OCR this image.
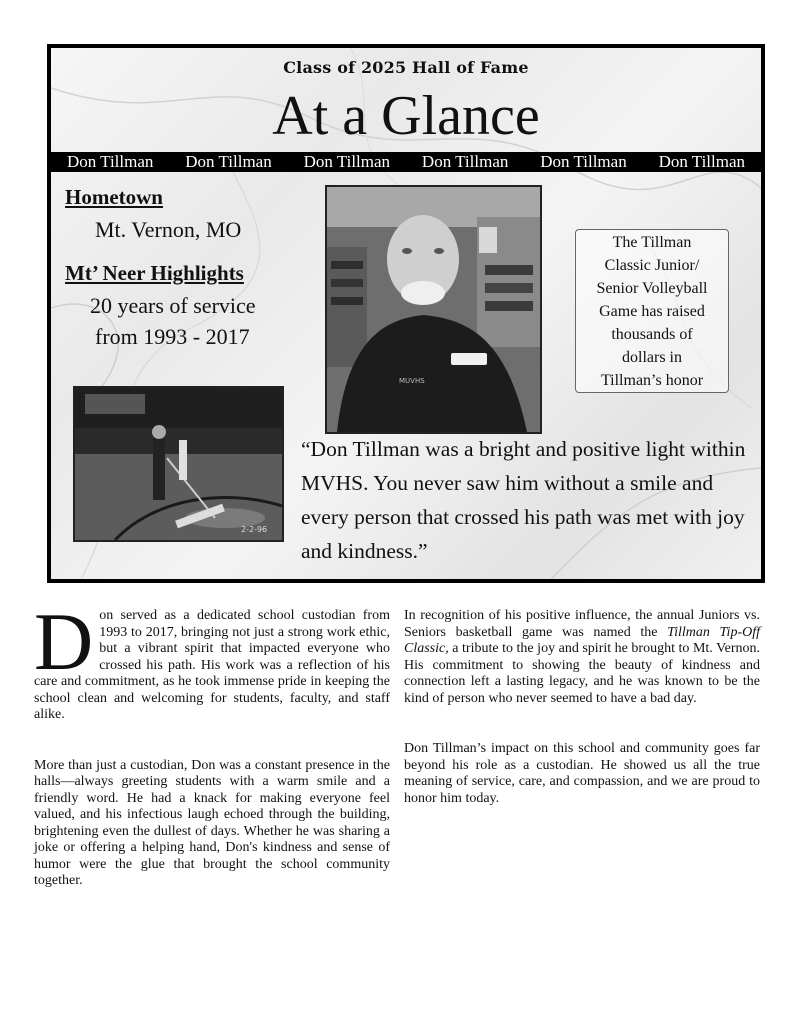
Class of 2025 Hall of Fame
At a Glance
Don Tillman Don Tillman Don Tillman Don Tillman Don Tillman Don Tillman
Hometown
Mt. Vernon, MO
Mt’ Neer Highlights
20 years of service
from 1993 - 2017
MUVHS
2-2-96
The Tillman Classic Junior/ Senior Volleyball Game has raised thousands of dollars in Tillman’s honor
“Don Tillman was a bright and positive light within MVHS. You never saw him without a smile and every person that crossed his path was met with joy and kindness.”

Don served as a dedicated school custodian from 1993 to 2017, bringing not just a strong work ethic, but a vibrant spirit that impacted everyone who crossed his path. His work was a reflection of his care and commitment, as he took immense pride in keeping the school clean and welcoming for students, faculty, and staff alike.

More than just a custodian, Don was a constant presence in the halls—always greeting students with a warm smile and a friendly word. He had a knack for making everyone feel valued, and his infectious laugh echoed through the building, brightening even the dullest of days. Whether he was sharing a joke or offering a helping hand, Don's kindness and sense of humor were the glue that brought the school community together.

In recognition of his positive influence, the annual Juniors vs. Seniors basketball game was named the Tillman Tip-Off Classic, a tribute to the joy and spirit he brought to Mt. Vernon. His commitment to showing the beauty of kindness and connection left a lasting legacy, and he was known to be the kind of person who never seemed to have a bad day.

Don Tillman’s impact on this school and community goes far beyond his role as a custodian. He showed us all the true meaning of service, care, and compassion, and we are proud to honor him today.
